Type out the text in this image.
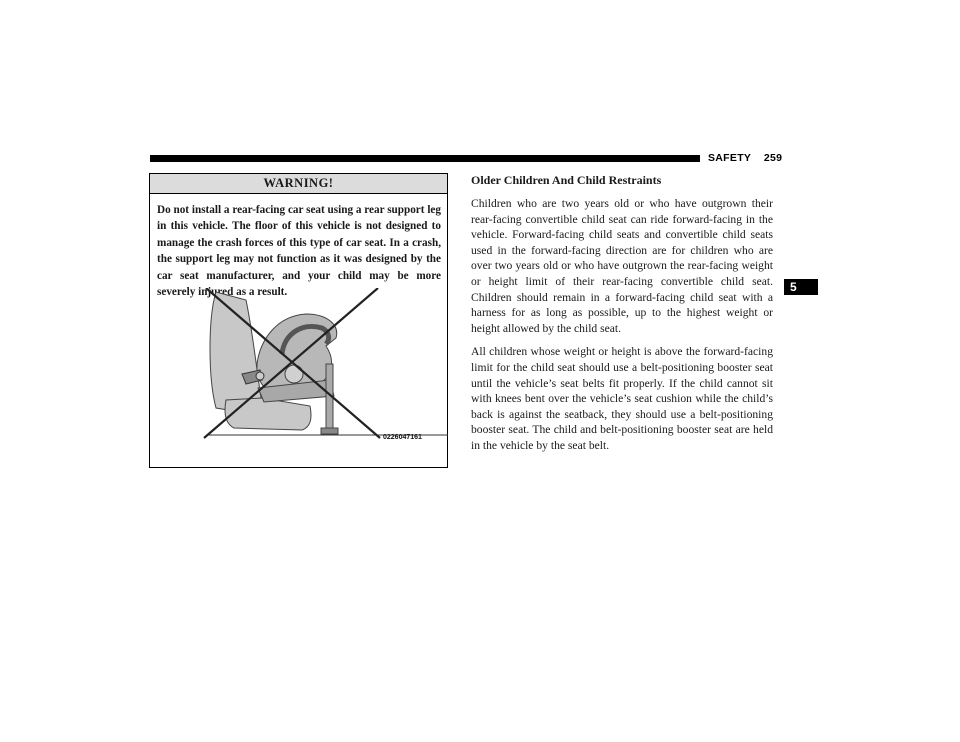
SAFETY 259
5
WARNING!
Do not install a rear-facing car seat using a rear support leg in this vehicle. The floor of this vehicle is not designed to manage the crash forces of this type of car seat. In a crash, the support leg may not function as it was designed by the car seat manufacturer, and your child may be more severely injured as a result.
0226047161
Older Children And Child Restraints

Children who are two years old or who have outgrown their rear-facing convertible child seat can ride forward-facing in the vehicle. Forward-facing child seats and convertible child seats used in the forward-facing direction are for children who are over two years old or who have outgrown the rear-facing weight or height limit of their rear-facing convertible child seat. Children should remain in a forward-facing child seat with a harness for as long as possible, up to the highest weight or height allowed by the child seat.

All children whose weight or height is above the forward-facing limit for the child seat should use a belt-positioning booster seat until the vehicle’s seat belts fit properly. If the child cannot sit with knees bent over the vehicle’s seat cushion while the child’s back is against the seatback, they should use a belt-positioning booster seat. The child and belt-positioning booster seat are held in the vehicle by the seat belt.
